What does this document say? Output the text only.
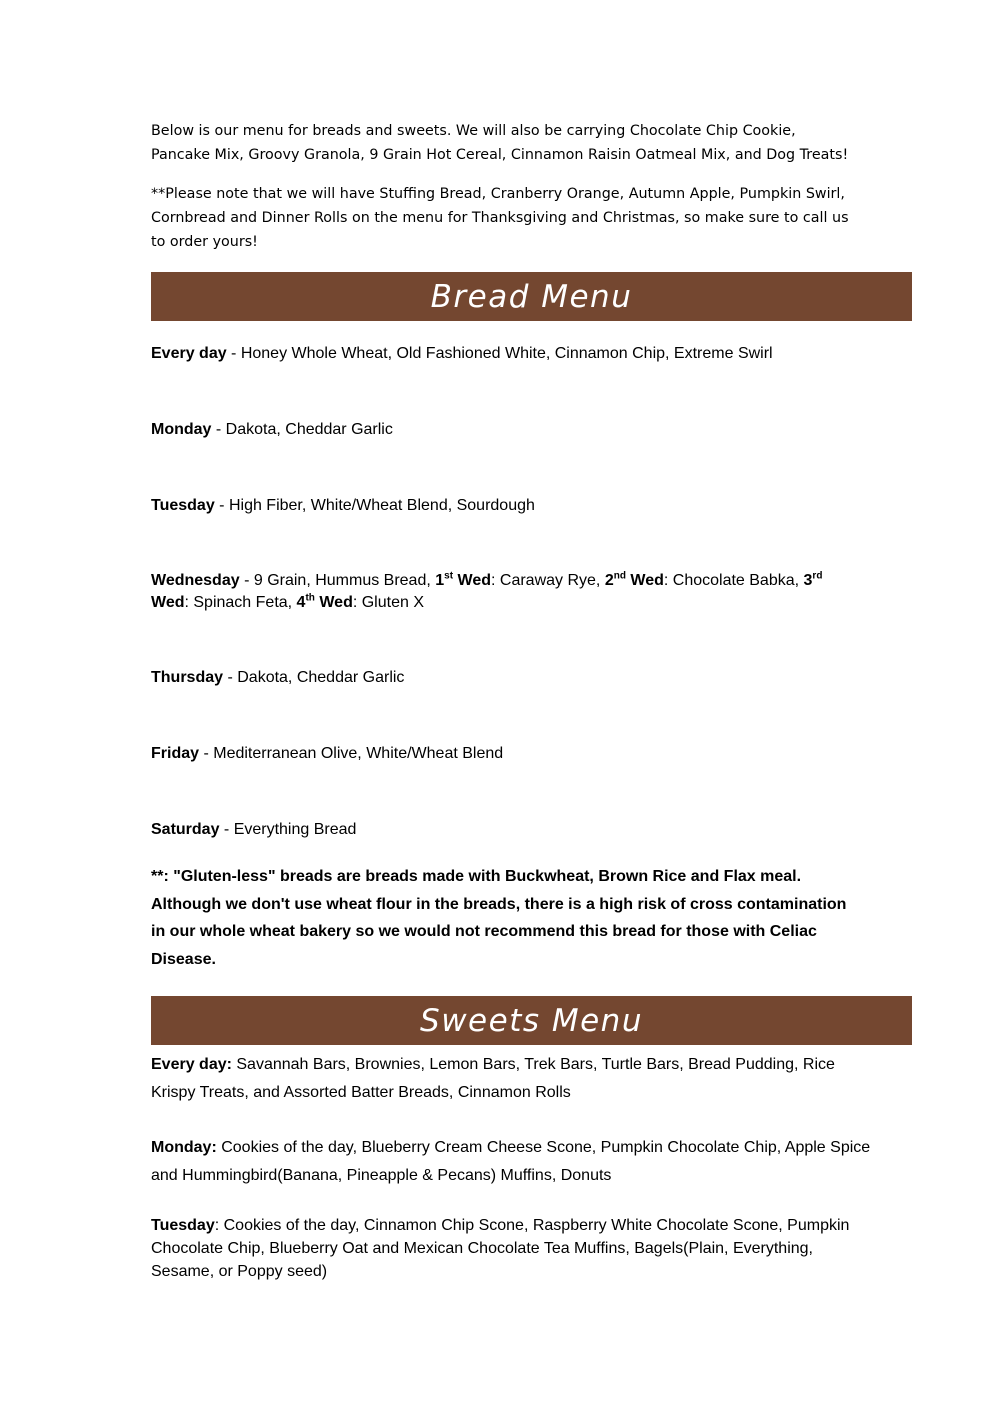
Below is our menu for breads and sweets. We will also be carrying Chocolate Chip Cookie, Pancake Mix, Groovy Granola, 9 Grain Hot Cereal, Cinnamon Raisin Oatmeal Mix, and Dog Treats!

**Please note that we will have Stuffing Bread, Cranberry Orange, Autumn Apple, Pumpkin Swirl, Cornbread and Dinner Rolls on the menu for Thanksgiving and Christmas, so make sure to call us to order yours!

Bread Menu

Every day - Honey Whole Wheat, Old Fashioned White, Cinnamon Chip, Extreme Swirl

Monday - Dakota, Cheddar Garlic

Tuesday - High Fiber, White/Wheat Blend, Sourdough

Wednesday - 9 Grain, Hummus Bread, 1st Wed: Caraway Rye, 2nd Wed: Chocolate Babka, 3rd
Wed: Spinach Feta, 4th Wed: Gluten X

Thursday - Dakota, Cheddar Garlic

Friday - Mediterranean Olive, White/Wheat Blend

Saturday - Everything Bread

**: "Gluten-less" breads are breads made with Buckwheat, Brown Rice and Flax meal. Although we don't use wheat flour in the breads, there is a high risk of cross contamination in our whole wheat bakery so we would not recommend this bread for those with Celiac Disease.

Sweets Menu

Every day: Savannah Bars, Brownies, Lemon Bars, Trek Bars, Turtle Bars, Bread Pudding, Rice Krispy Treats, and Assorted Batter Breads, Cinnamon Rolls

Monday: Cookies of the day, Blueberry Cream Cheese Scone, Pumpkin Chocolate Chip, Apple Spice and Hummingbird(Banana, Pineapple & Pecans) Muffins, Donuts

Tuesday: Cookies of the day, Cinnamon Chip Scone, Raspberry White Chocolate Scone, Pumpkin Chocolate Chip, Blueberry Oat and Mexican Chocolate Tea Muffins, Bagels(Plain, Everything, Sesame, or Poppy seed)
